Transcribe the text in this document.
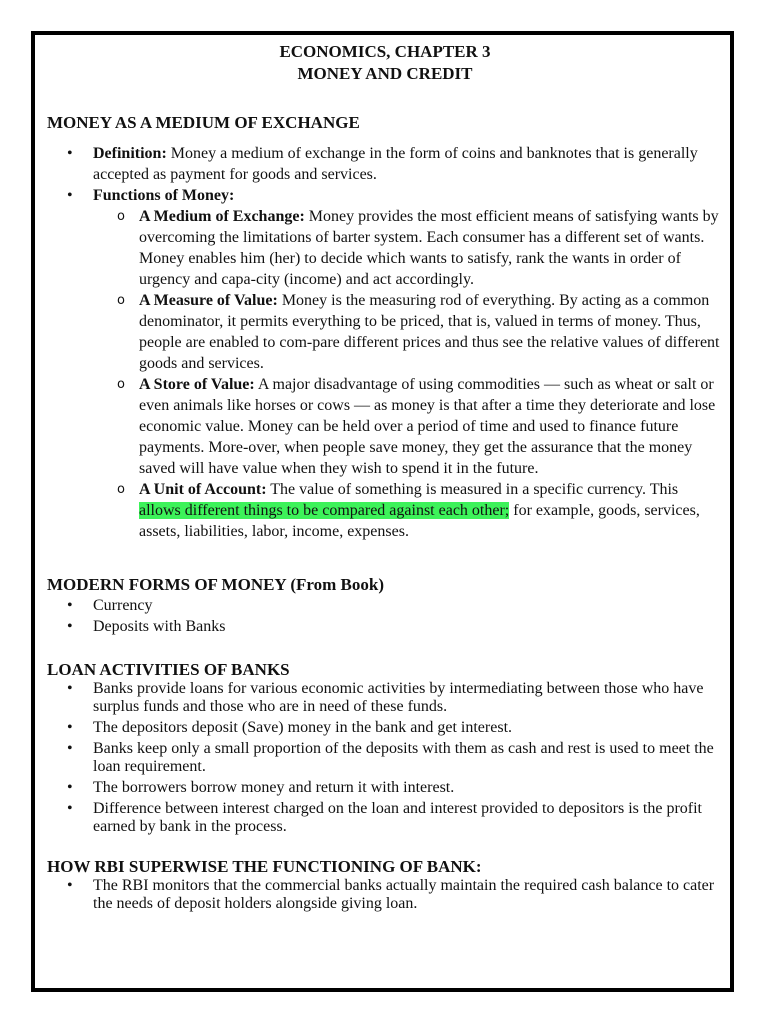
ECONOMICS, CHAPTER 3

MONEY AND CREDIT

MONEY AS A MEDIUM OF EXCHANGE

• Definition: Money a medium of exchange in the form of coins and banknotes that is generally accepted as payment for goods and services.
• Functions of Money:
o A Medium of Exchange: Money provides the most efficient means of satisfying wants by overcoming the limitations of barter system. Each consumer has a different set of wants. Money enables him (her) to decide which wants to satisfy, rank the wants in order of urgency and capa-city (income) and act accordingly.
o A Measure of Value: Money is the measuring rod of everything. By acting as a common denominator, it permits everything to be priced, that is, valued in terms of money. Thus, people are enabled to com-pare different prices and thus see the relative values of different goods and services.
o A Store of Value: A major disadvantage of using commodities — such as wheat or salt or even animals like horses or cows — as money is that after a time they deteriorate and lose economic value. Money can be held over a period of time and used to finance future payments. More-over, when people save money, they get the assurance that the money saved will have value when they wish to spend it in the future.
o A Unit of Account: The value of something is measured in a specific currency. This allows different things to be compared against each other; for example, goods, services, assets, liabilities, labor, income, expenses.

MODERN FORMS OF MONEY (From Book)

• Currency
• Deposits with Banks

LOAN ACTIVITIES OF BANKS

• Banks provide loans for various economic activities by intermediating between those who have surplus funds and those who are in need of these funds.
• The depositors deposit (Save) money in the bank and get interest.
• Banks keep only a small proportion of the deposits with them as cash and rest is used to meet the loan requirement.
• The borrowers borrow money and return it with interest.
• Difference between interest charged on the loan and interest provided to depositors is the profit earned by bank in the process.

HOW RBI SUPERWISE THE FUNCTIONING OF BANK:

• The RBI monitors that the commercial banks actually maintain the required cash balance to cater the needs of deposit holders alongside giving loan.
